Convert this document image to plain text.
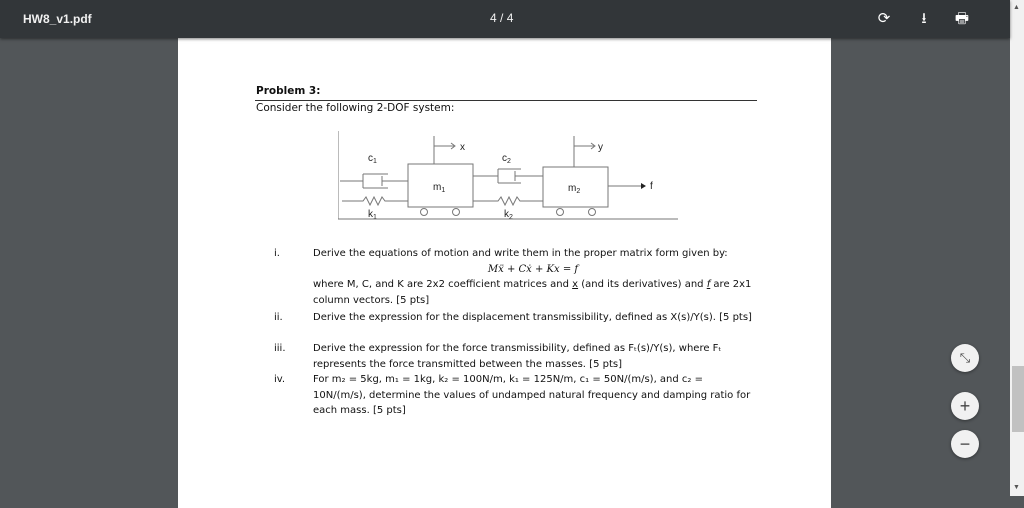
HW8_v1.pdf	4 / 4	⟳	⭳	🖶
Problem 3:
Consider the following 2-DOF system:
$c_1$
$k_1$
$m_1$
x
$c_2$
$k_2$
$m_2$
y
f
i.	Derive the equations of motion and write them in the proper matrix form given by:
Mẍ + Cẋ + Kx = f
where M, C, and K are 2x2 coefficient matrices and x (and its derivatives) and f are 2x1 column vectors. [5 pts]
ii.	Derive the expression for the displacement transmissibility, defined as X(s)/Y(s). [5 pts]
iii.	Derive the expression for the force transmissibility, defined as Fₜ(s)/Y(s), where Fₜ represents the force transmitted between the masses. [5 pts]
iv.	For m₂ = 5kg, m₁ = 1kg, k₂ = 100N/m, k₁ = 125N/m, c₁ = 50N/(m/s), and c₂ = 10N/(m/s), determine the values of undamped natural frequency and damping ratio for each mass. [5 pts]
⤡
+
−
▲
▼
